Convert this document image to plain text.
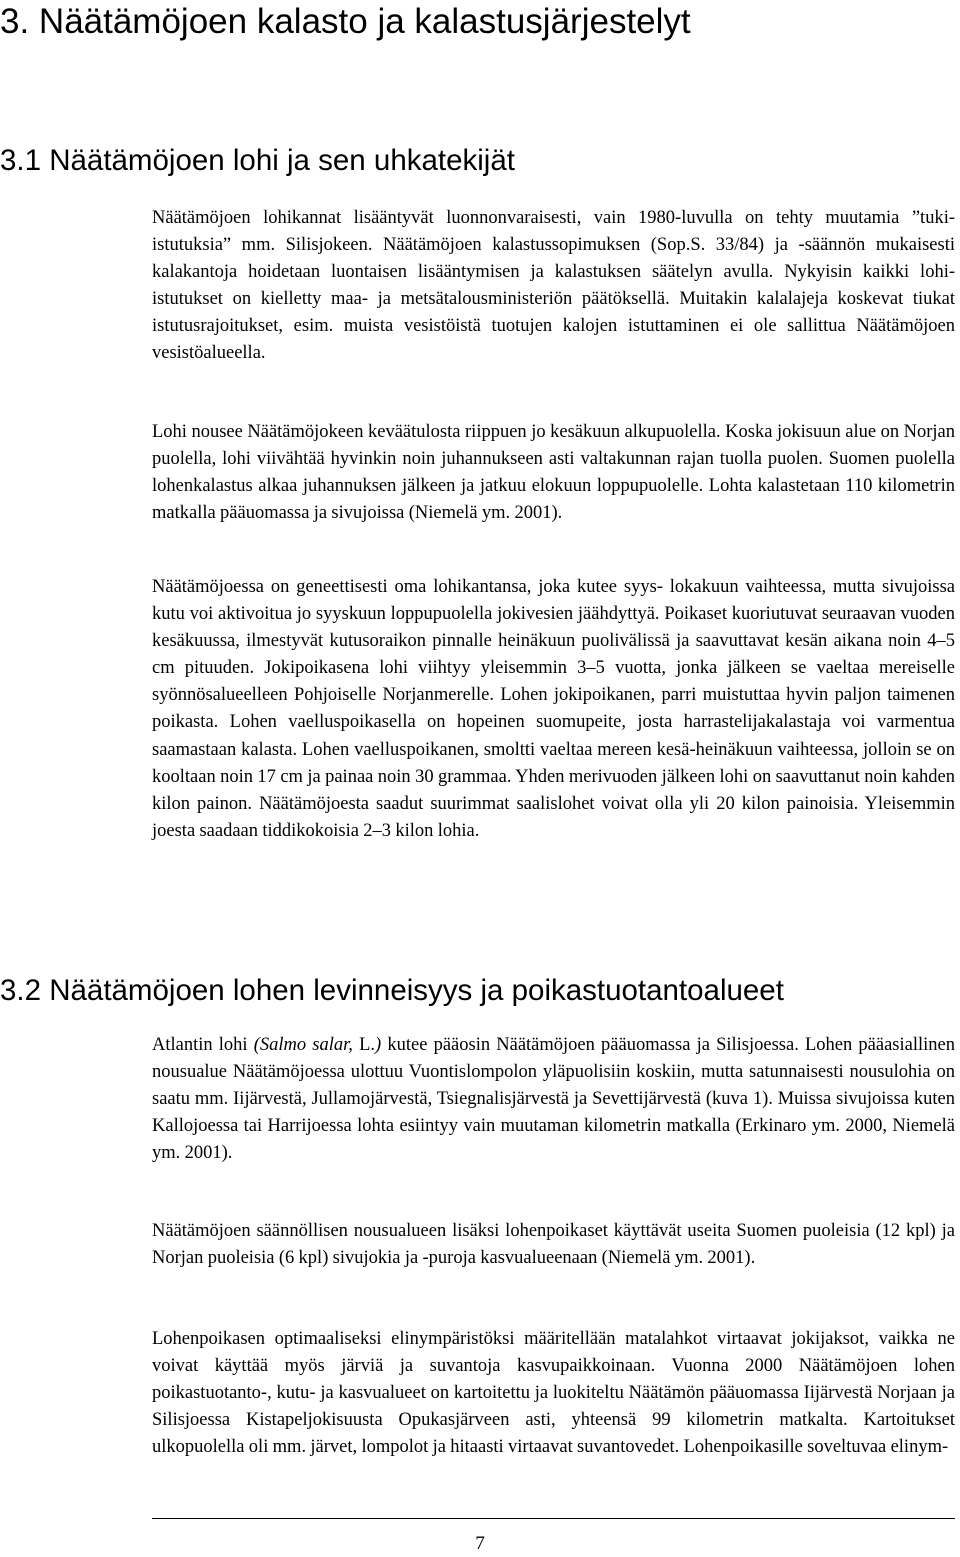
3. Näätämöjoen kalasto ja kalastusjärjestelyt
3.1 Näätämöjoen lohi ja sen uhkatekijät

Näätämöjoen lohikannat lisääntyvät luonnonvaraisesti, vain 1980-luvulla on tehty muutamia ”tuki-istutuksia” mm. Silisjokeen. Näätämöjoen kalastussopimuksen (Sop.S. 33/84) ja -säännön mukaisesti kalakantoja hoidetaan luontaisen lisääntymisen ja kalastuksen säätelyn avulla. Nykyisin kaikki lohi-istutukset on kielletty maa- ja metsätalousministeriön päätöksellä. Muitakin kalalajeja koskevat tiukat istutusrajoitukset, esim. muista vesistöistä tuotujen kalojen istuttaminen ei ole sallittua Näätämöjoen vesistöalueella.

Lohi nousee Näätämöjokeen keväätulosta riippuen jo kesäkuun alkupuolella. Koska jokisuun alue on Norjan puolella, lohi viivähtää hyvinkin noin juhannukseen asti valtakunnan rajan tuolla puolen. Suomen puolella lohenkalastus alkaa juhannuksen jälkeen ja jatkuu elokuun loppupuolelle. Lohta kalastetaan 110 kilometrin matkalla pääuomassa ja sivujoissa (Niemelä ym. 2001).

Näätämöjoessa on geneettisesti oma lohikantansa, joka kutee syys- lokakuun vaihteessa, mutta sivujoissa kutu voi aktivoitua jo syyskuun loppupuolella jokivesien jäähdyttyä. Poikaset kuoriutuvat seuraavan vuoden kesäkuussa, ilmestyvät kutusoraikon pinnalle heinäkuun puolivälissä ja saavuttavat kesän aikana noin 4–5 cm pituuden. Jokipoikasena lohi viihtyy yleisemmin 3–5 vuotta, jonka jälkeen se vaeltaa mereiselle syönnösalueelleen Pohjoiselle Norjanmerelle. Lohen jokipoikanen, parri muistuttaa hyvin paljon taimenen poikasta. Lohen vaelluspoikasella on hopeinen suomupeite, josta harrastelijakalastaja voi varmentua saamastaan kalasta. Lohen vaelluspoikanen, smoltti vaeltaa mereen kesä-heinäkuun vaihteessa, jolloin se on kooltaan noin 17 cm ja painaa noin 30 grammaa. Yhden merivuoden jälkeen lohi on saavuttanut noin kahden kilon painon. Näätämöjoesta saadut suurimmat saalislohet voivat olla yli 20 kilon painoisia. Yleisemmin joesta saadaan tiddikokoisia 2–3 kilon lohia.

3.2 Näätämöjoen lohen levinneisyys ja poikastuotantoalueet

Atlantin lohi (Salmo salar, L.) kutee pääosin Näätämöjoen pääuomassa ja Silisjoessa. Lohen pääasiallinen nousualue Näätämöjoessa ulottuu Vuontislompolon yläpuolisiin koskiin, mutta satunnaisesti nousulohia on saatu mm. Iijärvestä, Jullamojärvestä, Tsiegnalisjärvestä ja Sevettijärvestä (kuva 1). Muissa sivujoissa kuten Kallojoessa tai Harrijoessa lohta esiintyy vain muutaman kilometrin matkalla (Erkinaro ym. 2000, Niemelä ym. 2001).

Näätämöjoen säännöllisen nousualueen lisäksi lohenpoikaset käyttävät useita Suomen puoleisia (12 kpl) ja Norjan puoleisia (6 kpl) sivujokia ja -puroja kasvualueenaan (Niemelä ym. 2001).

Lohenpoikasen optimaaliseksi elinympäristöksi määritellään matalahkot virtaavat jokijaksot, vaikka ne voivat käyttää myös järviä ja suvantoja kasvupaikkoinaan. Vuonna 2000 Näätämöjoen lohen poikastuotanto-, kutu- ja kasvualueet on kartoitettu ja luokiteltu Näätämön pääuomassa Iijärvestä Norjaan ja Silisjoessa Kistapeljokisuusta Opukasjärveen asti, yhteensä 99 kilometrin matkalta. Kartoitukset ulkopuolella oli mm. järvet, lompolot ja hitaasti virtaavat suvantovedet. Lohenpoikasille soveltuvaa elinym-

7
